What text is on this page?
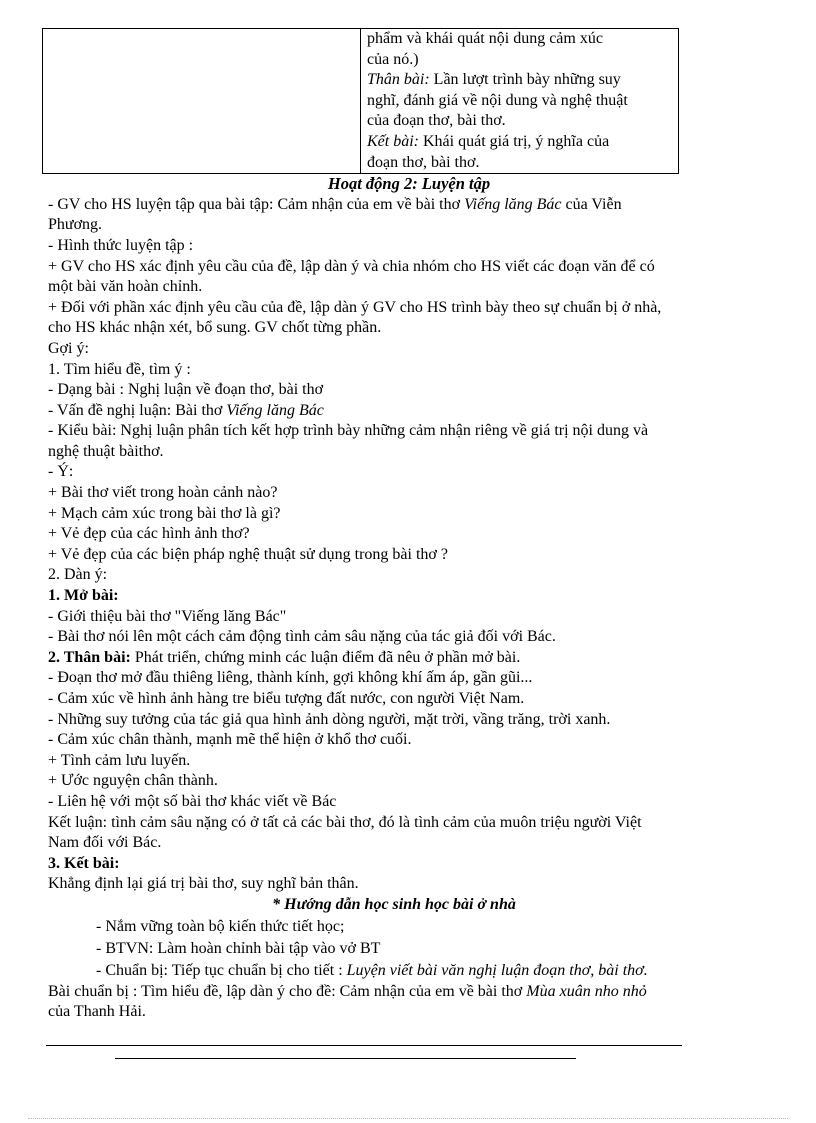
phẩm và khái quát nội dung cảm xúc
của nó.)
Thân bài: Lần lượt trình bày những suy
nghĩ, đánh giá về nội dung và nghệ thuật
của đoạn thơ, bài thơ.
Kết bài: Khái quát giá trị, ý nghĩa của
đoạn thơ, bài thơ.
Hoạt động 2: Luyện tập
- GV cho HS luyện tập qua bài tập: Cảm nhận của em về bài thơ Viếng lăng Bác của Viễn
Phương.
- Hình thức luyện tập :
+ GV cho HS xác định yêu cầu của đề, lập dàn ý và chia nhóm cho HS viết các đoạn văn để có
một bài văn hoàn chỉnh.
+ Đối với phần xác định yêu cầu của đề, lập dàn ý GV cho HS trình bày theo sự chuẩn bị ở nhà,
cho HS khác nhận xét, bổ sung. GV chốt từng phần.
Gợi ý:
1. Tìm hiểu đề, tìm ý :
- Dạng bài : Nghị luận về đoạn thơ, bài thơ
- Vấn đề nghị luận: Bài thơ Viếng lăng Bác
- Kiểu bài: Nghị luận phân tích kết hợp trình bày những cảm nhận riêng về giá trị nội dung và
nghệ thuật bàithơ.
- Ý:
+ Bài thơ viết trong hoàn cảnh nào?
+ Mạch cảm xúc trong bài thơ là gì?
+ Vẻ đẹp của các hình ảnh thơ?
+ Vẻ đẹp của các biện pháp nghệ thuật sử dụng trong bài thơ ?
2. Dàn ý:
1. Mở bài:
- Giới thiệu bài thơ "Viếng lăng Bác"
- Bài thơ nói lên một cách cảm động tình cảm sâu nặng của tác giả đối với Bác.
2. Thân bài: Phát triển, chứng minh các luận điểm đã nêu ở phần mở bài.
- Đoạn thơ mở đầu thiêng liêng, thành kính, gợi không khí ấm áp, gần gũi...
- Cảm xúc về hình ảnh hàng tre biểu tượng đất nước, con người Việt Nam.
- Những suy tưởng của tác giả qua hình ảnh dòng người, mặt trời, vầng trăng, trời xanh.
- Cảm xúc chân thành, mạnh mẽ thể hiện ở khổ thơ cuối.
+ Tình cảm lưu luyến.
+ Ước nguyện chân thành.
- Liên hệ với một số bài thơ khác viết về Bác
Kết luận: tình cảm sâu nặng có ở tất cả các bài thơ, đó là tình cảm của muôn triệu người Việt
Nam đối với Bác.
3. Kết bài:
Khẳng định lại giá trị bài thơ, suy nghĩ bản thân.
* Hướng dẫn học sinh học bài ở nhà
- Nắm vững toàn bộ kiến thức tiết học;
- BTVN: Làm hoàn chỉnh bài tập vào vở BT
- Chuẩn bị: Tiếp tục chuẩn bị cho tiết : Luyện viết bài văn nghị luận đoạn thơ, bài thơ.
Bài chuẩn bị : Tìm hiểu đề, lập dàn ý cho đề: Cảm nhận của em về bài thơ Mùa xuân nho nhỏ
của Thanh Hải.
